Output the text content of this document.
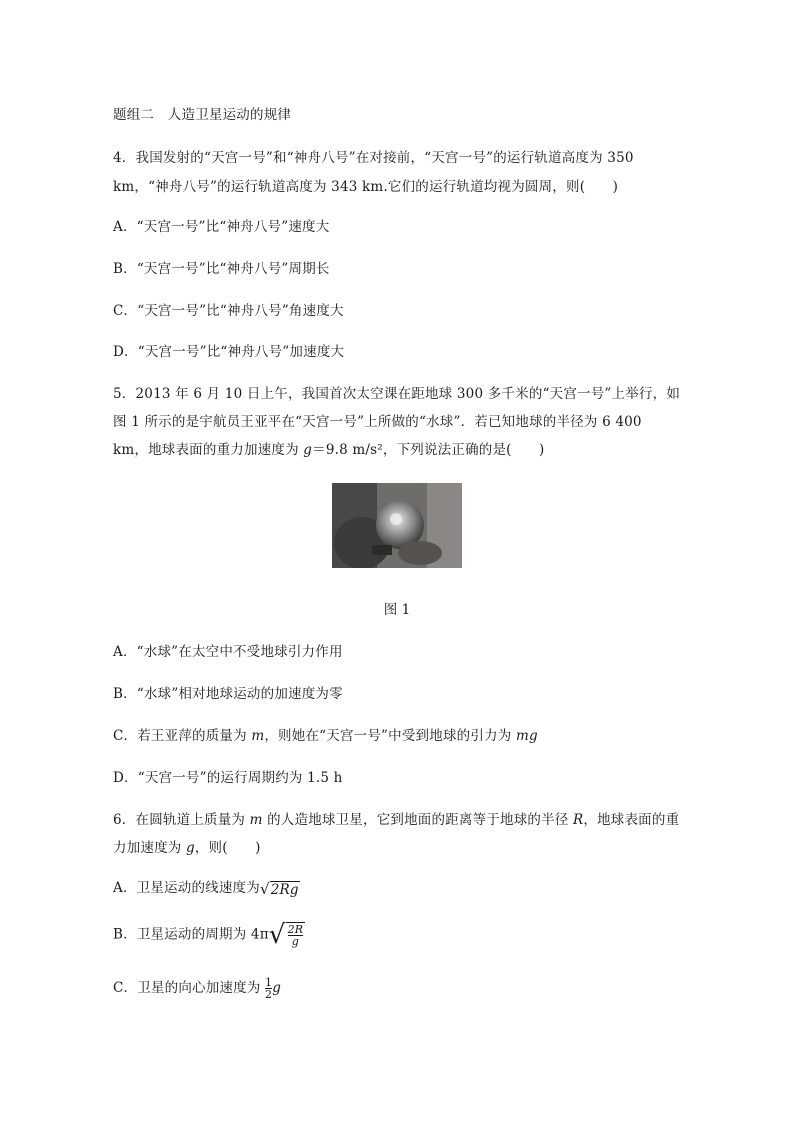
题组二　人造卫星运动的规律
4．我国发射的“天宫一号”和“神舟八号”在对接前，“天宫一号”的运行轨道高度为 350
km，“神舟八号”的运行轨道高度为 343 km.它们的运行轨道均视为圆周，则(　　)
A．“天宫一号”比“神舟八号”速度大
B．“天宫一号”比“神舟八号”周期长
C．“天宫一号”比“神舟八号”角速度大
D．“天宫一号”比“神舟八号”加速度大
5．2013 年 6 月 10 日上午，我国首次太空课在距地球 300 多千米的“天宫一号”上举行，如
图 1 所示的是宇航员王亚平在“天宫一号”上所做的“水球”．若已知地球的半径为 6 400
km，地球表面的重力加速度为 g＝9.8 m/s²，下列说法正确的是(　　)
图 1
A．“水球”在太空中不受地球引力作用
B．“水球”相对地球运动的加速度为零
C．若王亚萍的质量为 m，则她在“天宫一号”中受到地球的引力为 mg
D．“天宫一号”的运行周期约为 1.5 h
6．在圆轨道上质量为 m 的人造地球卫星，它到地面的距离等于地球的半径 R，地球表面的重
力加速度为 g，则(　　)
A．卫星运动的线速度为√2Rg
B．卫星运动的周期为 $4\pi√ \frac{2R}{g}$
C．卫星的向心加速度为 $\frac{1}{2}$ g
